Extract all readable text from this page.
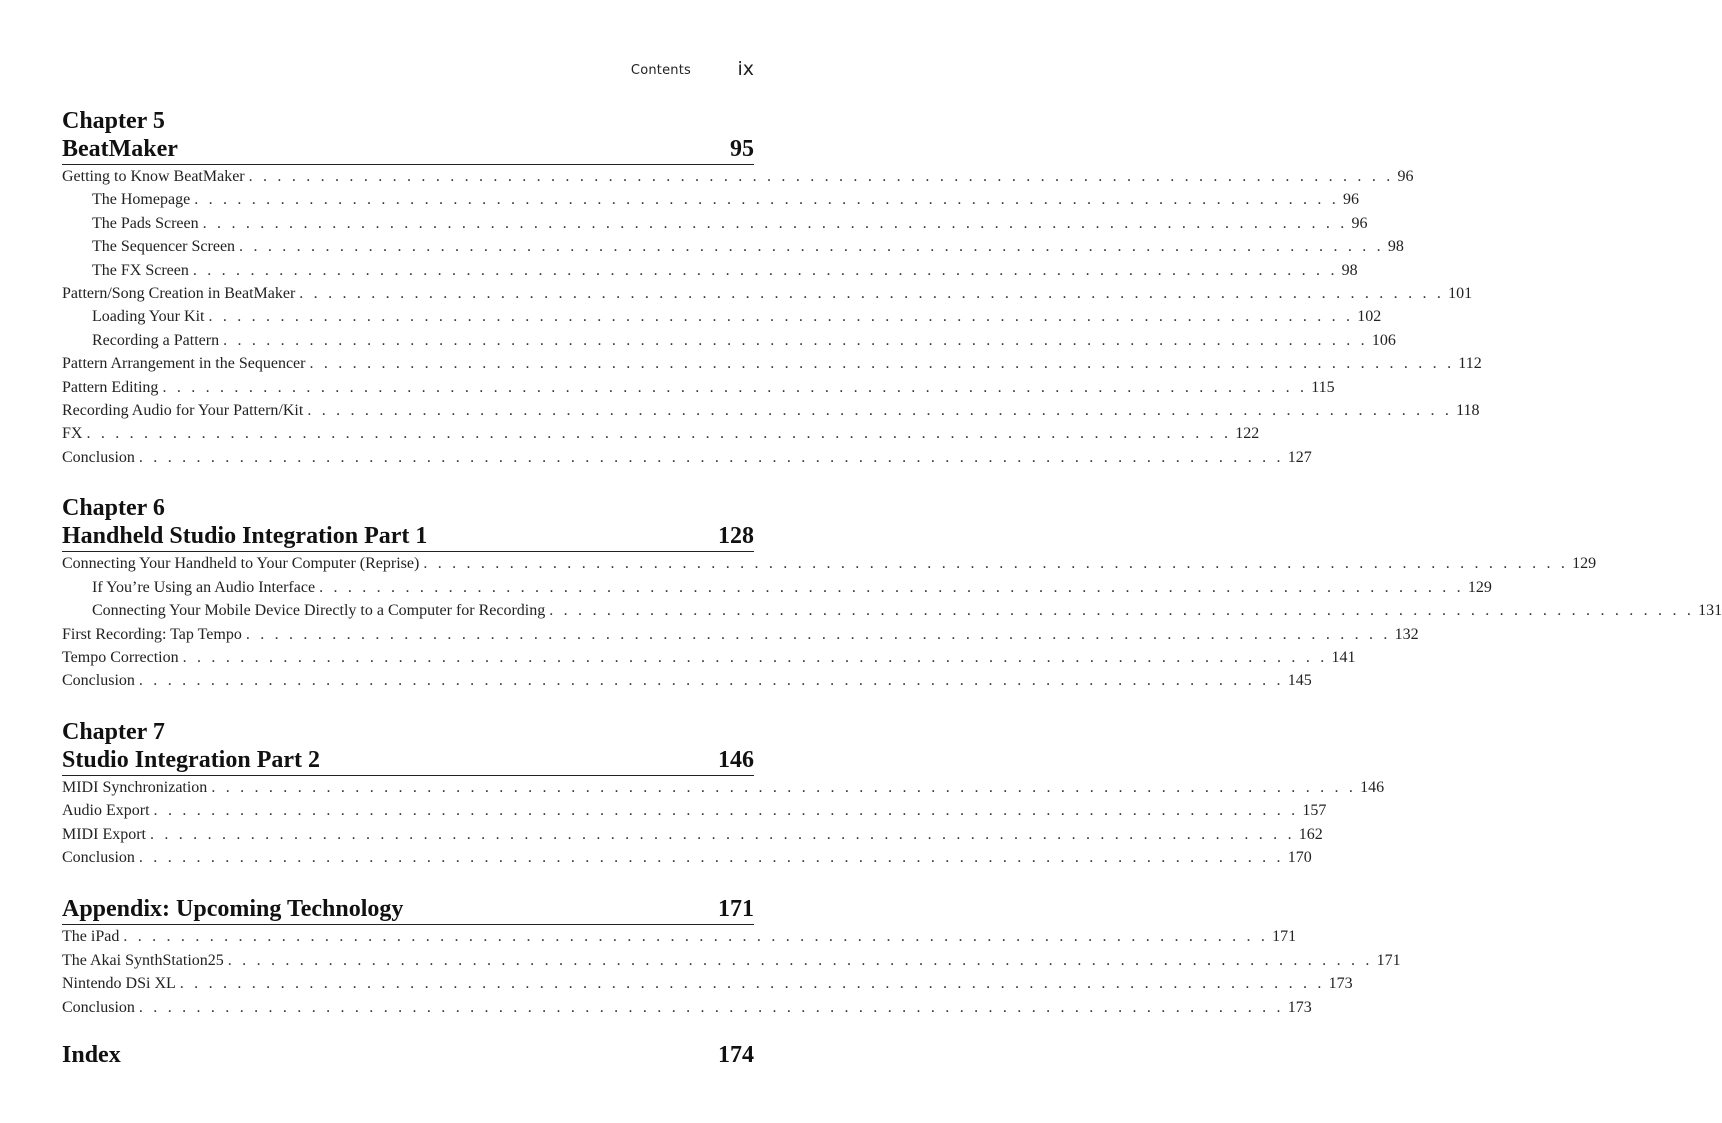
Contents ix
Chapter 5
BeatMaker	95
Getting to Know BeatMaker . . . . . . . . . . . . . . . . . . . . . . . . . . . . . . . . . . . . . . . . . . . . . . . . . . . . . . . . . . . . . . . . . . . . . . . . . . . . . . . . 96
The Homepage . . . . . . . . . . . . . . . . . . . . . . . . . . . . . . . . . . . . . . . . . . . . . . . . . . . . . . . . . . . . . . . . . . . . . . . . . . . . . . . . 96
The Pads Screen . . . . . . . . . . . . . . . . . . . . . . . . . . . . . . . . . . . . . . . . . . . . . . . . . . . . . . . . . . . . . . . . . . . . . . . . . . . . . . . . 96
The Sequencer Screen . . . . . . . . . . . . . . . . . . . . . . . . . . . . . . . . . . . . . . . . . . . . . . . . . . . . . . . . . . . . . . . . . . . . . . . . . . . . . . . . 98
The FX Screen . . . . . . . . . . . . . . . . . . . . . . . . . . . . . . . . . . . . . . . . . . . . . . . . . . . . . . . . . . . . . . . . . . . . . . . . . . . . . . . . 98
Pattern/Song Creation in BeatMaker . . . . . . . . . . . . . . . . . . . . . . . . . . . . . . . . . . . . . . . . . . . . . . . . . . . . . . . . . . . . . . . . . . . . . . . . . . . . . . . . 101
Loading Your Kit . . . . . . . . . . . . . . . . . . . . . . . . . . . . . . . . . . . . . . . . . . . . . . . . . . . . . . . . . . . . . . . . . . . . . . . . . . . . . . . . 102
Recording a Pattern . . . . . . . . . . . . . . . . . . . . . . . . . . . . . . . . . . . . . . . . . . . . . . . . . . . . . . . . . . . . . . . . . . . . . . . . . . . . . . . . 106
Pattern Arrangement in the Sequencer . . . . . . . . . . . . . . . . . . . . . . . . . . . . . . . . . . . . . . . . . . . . . . . . . . . . . . . . . . . . . . . . . . . . . . . . . . . . . . . . 112
Pattern Editing . . . . . . . . . . . . . . . . . . . . . . . . . . . . . . . . . . . . . . . . . . . . . . . . . . . . . . . . . . . . . . . . . . . . . . . . . . . . . . . . 115
Recording Audio for Your Pattern/Kit . . . . . . . . . . . . . . . . . . . . . . . . . . . . . . . . . . . . . . . . . . . . . . . . . . . . . . . . . . . . . . . . . . . . . . . . . . . . . . . . 118
FX . . . . . . . . . . . . . . . . . . . . . . . . . . . . . . . . . . . . . . . . . . . . . . . . . . . . . . . . . . . . . . . . . . . . . . . . . . . . . . . . 122
Conclusion . . . . . . . . . . . . . . . . . . . . . . . . . . . . . . . . . . . . . . . . . . . . . . . . . . . . . . . . . . . . . . . . . . . . . . . . . . . . . . . . 127
Chapter 6
Handheld Studio Integration Part 1	128
Connecting Your Handheld to Your Computer (Reprise) . . . . . . . . . . . . . . . . . . . . . . . . . . . . . . . . . . . . . . . . . . . . . . . . . . . . . . . . . . . . . . . . . . . . . . . . . . . . . . . . 129
If You’re Using an Audio Interface . . . . . . . . . . . . . . . . . . . . . . . . . . . . . . . . . . . . . . . . . . . . . . . . . . . . . . . . . . . . . . . . . . . . . . . . . . . . . . . . 129
Connecting Your Mobile Device Directly to a Computer for Recording . . . . . . . . . . . . . . . . . . . . . . . . . . . . . . . . . . . . . . . . . . . . . . . . . . . . . . . . . . . . . . . . . . . . . . . . . . . . . . . . 131
First Recording: Tap Tempo . . . . . . . . . . . . . . . . . . . . . . . . . . . . . . . . . . . . . . . . . . . . . . . . . . . . . . . . . . . . . . . . . . . . . . . . . . . . . . . . 132
Tempo Correction . . . . . . . . . . . . . . . . . . . . . . . . . . . . . . . . . . . . . . . . . . . . . . . . . . . . . . . . . . . . . . . . . . . . . . . . . . . . . . . . 141
Conclusion . . . . . . . . . . . . . . . . . . . . . . . . . . . . . . . . . . . . . . . . . . . . . . . . . . . . . . . . . . . . . . . . . . . . . . . . . . . . . . . . 145
Chapter 7
Studio Integration Part 2	146
MIDI Synchronization . . . . . . . . . . . . . . . . . . . . . . . . . . . . . . . . . . . . . . . . . . . . . . . . . . . . . . . . . . . . . . . . . . . . . . . . . . . . . . . . 146
Audio Export . . . . . . . . . . . . . . . . . . . . . . . . . . . . . . . . . . . . . . . . . . . . . . . . . . . . . . . . . . . . . . . . . . . . . . . . . . . . . . . . 157
MIDI Export . . . . . . . . . . . . . . . . . . . . . . . . . . . . . . . . . . . . . . . . . . . . . . . . . . . . . . . . . . . . . . . . . . . . . . . . . . . . . . . . 162
Conclusion . . . . . . . . . . . . . . . . . . . . . . . . . . . . . . . . . . . . . . . . . . . . . . . . . . . . . . . . . . . . . . . . . . . . . . . . . . . . . . . . 170
Appendix: Upcoming Technology	171
The iPad . . . . . . . . . . . . . . . . . . . . . . . . . . . . . . . . . . . . . . . . . . . . . . . . . . . . . . . . . . . . . . . . . . . . . . . . . . . . . . . . 171
The Akai SynthStation25 . . . . . . . . . . . . . . . . . . . . . . . . . . . . . . . . . . . . . . . . . . . . . . . . . . . . . . . . . . . . . . . . . . . . . . . . . . . . . . . . 171
Nintendo DSi XL . . . . . . . . . . . . . . . . . . . . . . . . . . . . . . . . . . . . . . . . . . . . . . . . . . . . . . . . . . . . . . . . . . . . . . . . . . . . . . . . 173
Conclusion . . . . . . . . . . . . . . . . . . . . . . . . . . . . . . . . . . . . . . . . . . . . . . . . . . . . . . . . . . . . . . . . . . . . . . . . . . . . . . . . 173
Index	174
